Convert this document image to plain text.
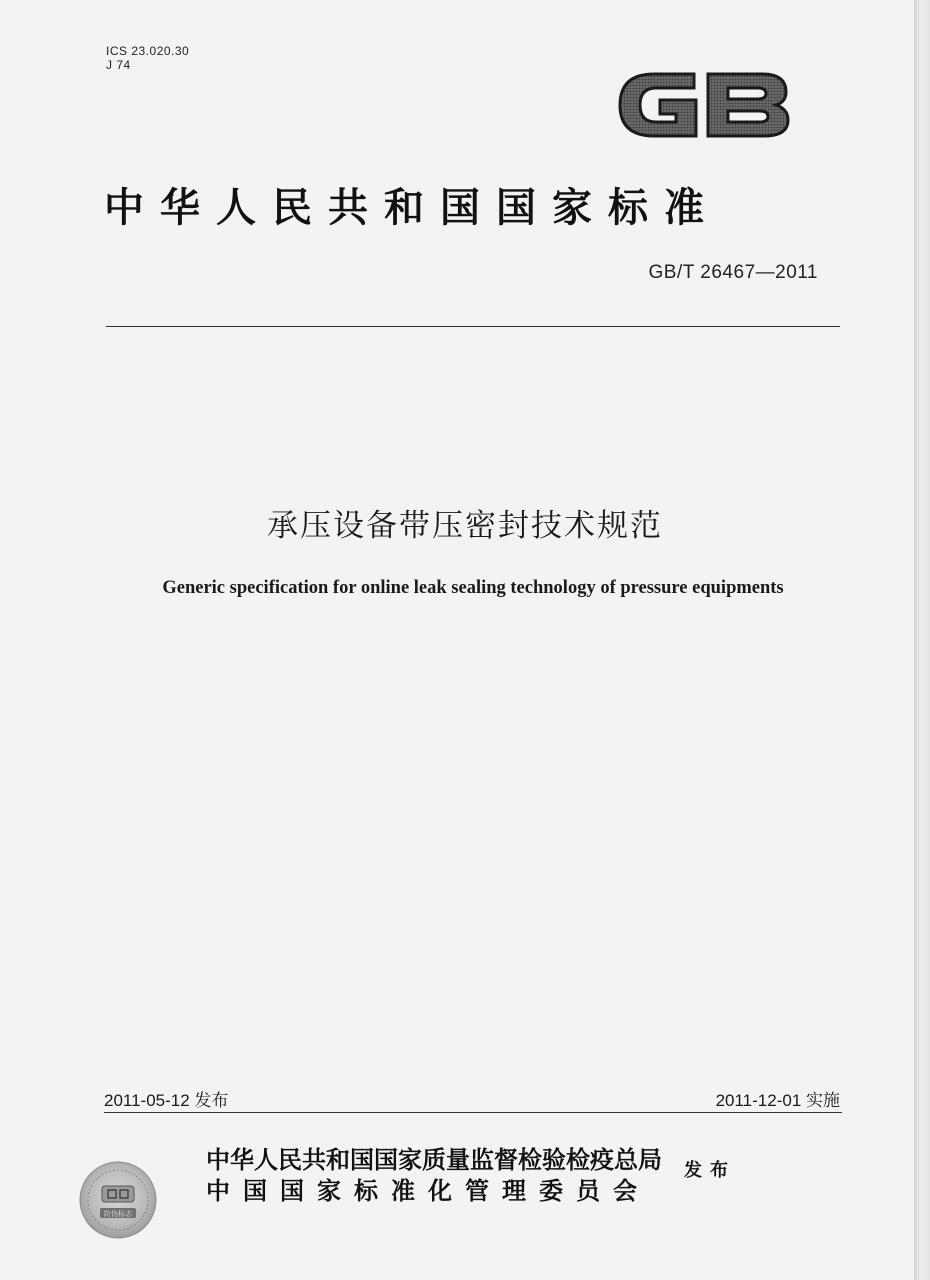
ICS 23.020.30
J 74
中华人民共和国国家标准
GB/T 26467—2011
承压设备带压密封技术规范
Generic specification for online leak sealing technology of pressure equipments
2011-05-12 发布	2011-12-01 实施
中华人民共和国国家质量监督检验检疫总局
中国国家标准化管理委员会
发布
防伪标志
